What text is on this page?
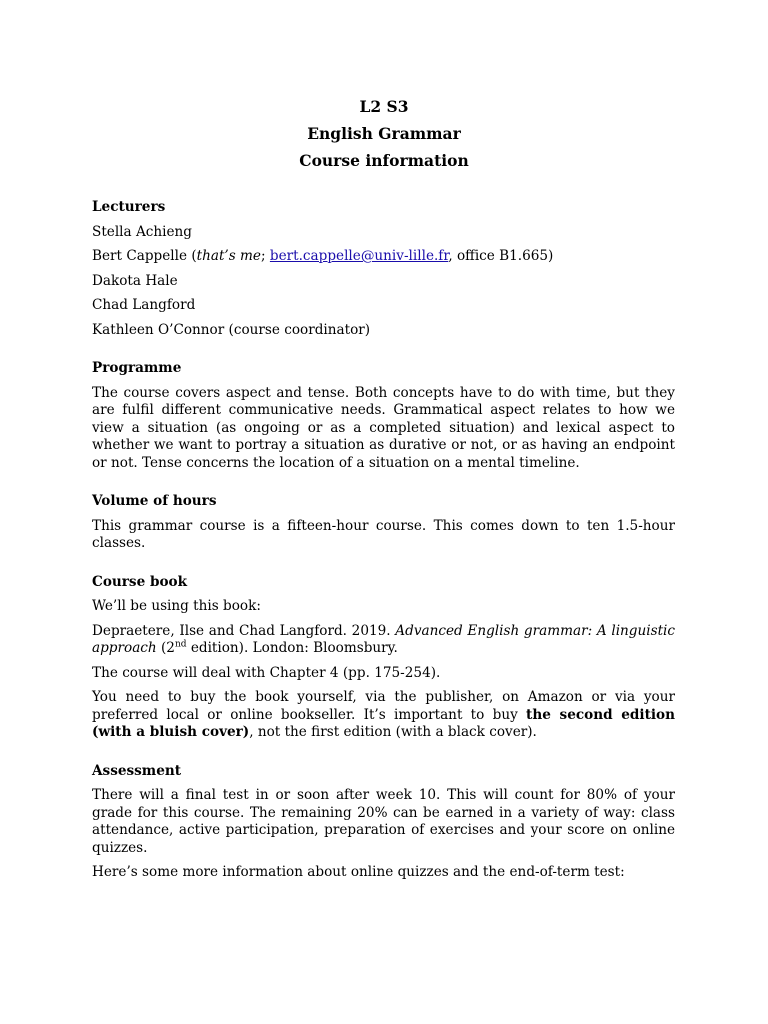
L2 S3
English Grammar
Course information
Lecturers
Stella Achieng
Bert Cappelle (that’s me; bert.cappelle@univ-lille.fr, office B1.665)
Dakota Hale
Chad Langford
Kathleen O’Connor (course coordinator)
Programme

The course covers aspect and tense. Both concepts have to do with time, but they are fulfil different communicative needs. Grammatical aspect relates to how we view a situation (as ongoing or as a completed situation) and lexical aspect to whether we want to portray a situation as durative or not, or as having an endpoint or not. Tense concerns the location of a situation on a mental timeline.

Volume of hours

This grammar course is a fifteen-hour course. This comes down to ten 1.5-hour classes.

Course book

We’ll be using this book:

Depraetere, Ilse and Chad Langford. 2019. Advanced English grammar: A linguistic approach (2nd edition). London: Bloomsbury.

The course will deal with Chapter 4 (pp. 175-254).

You need to buy the book yourself, via the publisher, on Amazon or via your preferred local or online bookseller. It’s important to buy the second edition (with a bluish cover), not the first edition (with a black cover).

Assessment

There will a final test in or soon after week 10. This will count for 80% of your grade for this course. The remaining 20% can be earned in a variety of way: class attendance, active participation, preparation of exercises and your score on online quizzes.

Here’s some more information about online quizzes and the end-of-term test:
